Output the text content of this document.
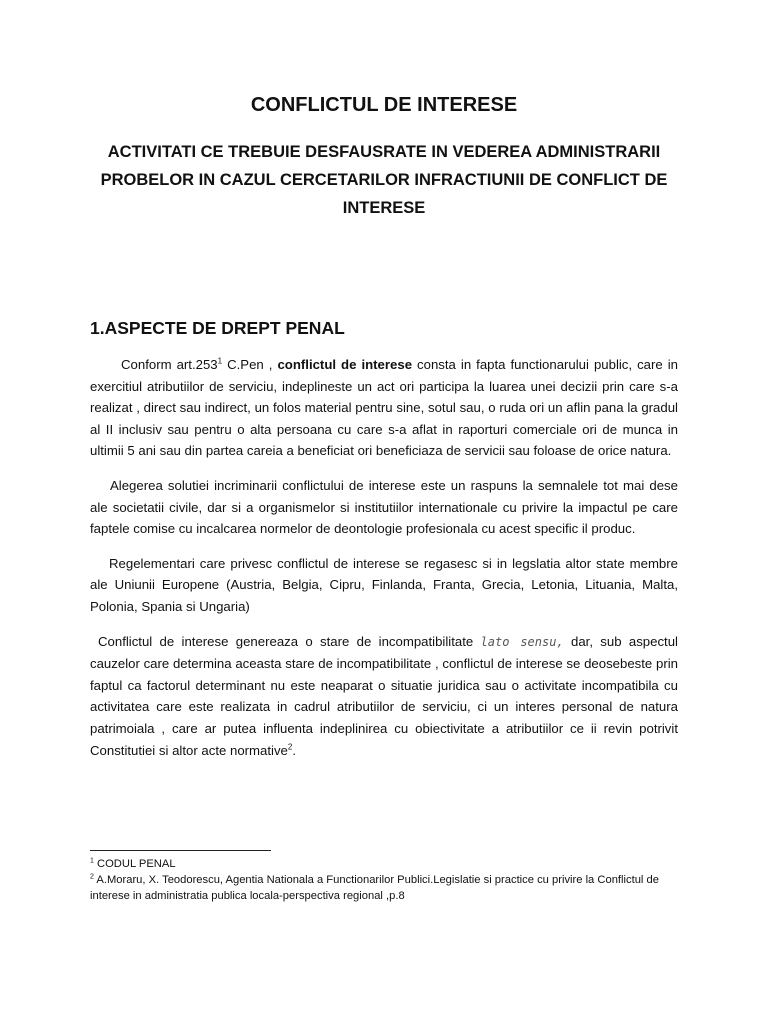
CONFLICTUL DE INTERESE
ACTIVITATI CE TREBUIE DESFAUSRATE IN VEDEREA ADMINISTRARII PROBELOR IN CAZUL CERCETARILOR INFRACTIUNII DE CONFLICT DE INTERESE
1.ASPECTE DE DREPT PENAL

Conform art.253$^1$ C.Pen , conflictul de interese consta in fapta functionarului public, care in exercitiul atributiilor de serviciu, indeplineste un act ori participa la luarea unei decizii prin care s-a realizat , direct sau indirect, un folos material pentru sine, sotul sau, o ruda ori un aflin pana la gradul al II inclusiv sau pentru o alta persoana cu care s-a aflat in raporturi comerciale ori de munca in ultimii 5 ani sau din partea careia a beneficiat ori beneficiaza de servicii sau foloase de orice natura.

Alegerea solutiei incriminarii conflictului de interese este un raspuns la semnalele tot mai dese ale societatii civile, dar si a organismelor si institutiilor internationale cu privire la impactul pe care faptele comise cu incalcarea normelor de deontologie profesionala cu acest specific il produc.

Regelementari care privesc conflictul de interese se regasesc si in legslatia altor state membre ale Uniunii Europene (Austria, Belgia, Cipru, Finlanda, Franta, Grecia, Letonia, Lituania, Malta, Polonia, Spania si Ungaria)

Conflictul de interese genereaza o stare de incompatibilitate lato sensu, dar, sub aspectul cauzelor care determina aceasta stare de incompatibilitate , conflictul de interese se deosebeste prin faptul ca factorul determinant nu este neaparat o situatie juridica sau o activitate incompatibila cu activitatea care este realizata in cadrul atributiilor de serviciu, ci un interes personal de natura patrimoiala , care ar putea influenta indeplinirea cu obiectivitate a atributiilor ce ii revin potrivit Constitutiei si altor acte normative$^2$.

$^1$ CODUL PENAL

$^2$ A.Moraru, X. Teodorescu, Agentia Nationala a Functionarilor Publici.Legislatie si practice cu privire la Conflictul de interese in administratia publica locala-perspectiva regional ,p.8
